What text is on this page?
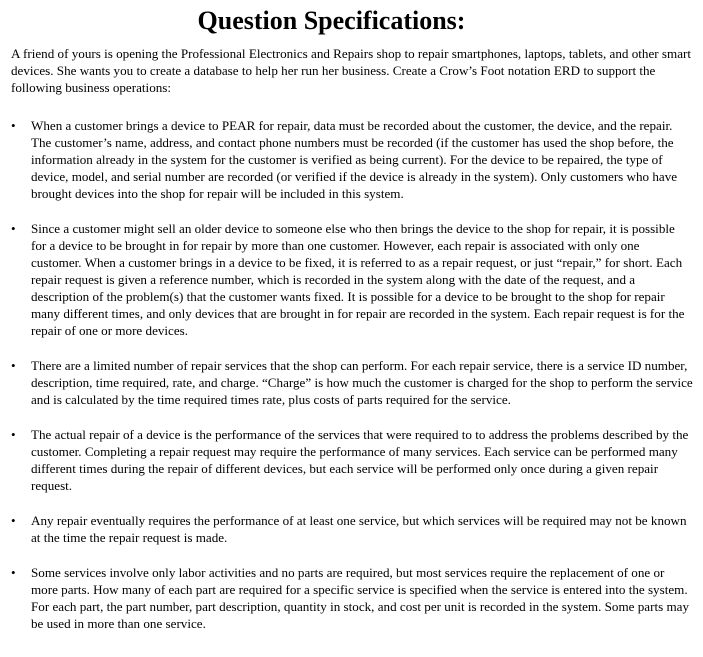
Question Specifications:

A friend of yours is opening the Professional Electronics and Repairs shop to repair smartphones, laptops, tablets, and other smart devices. She wants you to create a database to help her run her business. Create a Crow’s Foot notation ERD to support the following business operations:

•	When a customer brings a device to PEAR for repair, data must be recorded about the customer, the device, and the repair. The customer’s name, address, and contact phone numbers must be recorded (if the customer has used the shop before, the information already in the system for the customer is verified as being current). For the device to be repaired, the type of device, model, and serial number are recorded (or verified if the device is already in the system). Only customers who have brought devices into the shop for repair will be included in this system.
•	Since a customer might sell an older device to someone else who then brings the device to the shop for repair, it is possible for a device to be brought in for repair by more than one customer. However, each repair is associated with only one customer. When a customer brings in a device to be fixed, it is referred to as a repair request, or just “repair,” for short. Each repair request is given a reference number, which is recorded in the system along with the date of the request, and a description of the problem(s) that the customer wants fixed. It is possible for a device to be brought to the shop for repair many different times, and only devices that are brought in for repair are recorded in the system. Each repair request is for the repair of one or more devices.
•	There are a limited number of repair services that the shop can perform. For each repair service, there is a service ID number, description, time required, rate, and charge. “Charge” is how much the customer is charged for the shop to perform the service and is calculated by the time required times rate, plus costs of parts required for the service.
•	The actual repair of a device is the performance of the services that were required to to address the problems described by the customer. Completing a repair request may require the performance of many services. Each service can be performed many different times during the repair of different devices, but each service will be performed only once during a given repair request.
•	Any repair eventually requires the performance of at least one service, but which services will be required may not be known at the time the repair request is made.
•	Some services involve only labor activities and no parts are required, but most services require the replacement of one or more parts. How many of each part are required for a specific service is specified when the service is entered into the system. For each part, the part number, part description, quantity in stock, and cost per unit is recorded in the system. Some parts may be used in more than one service.
